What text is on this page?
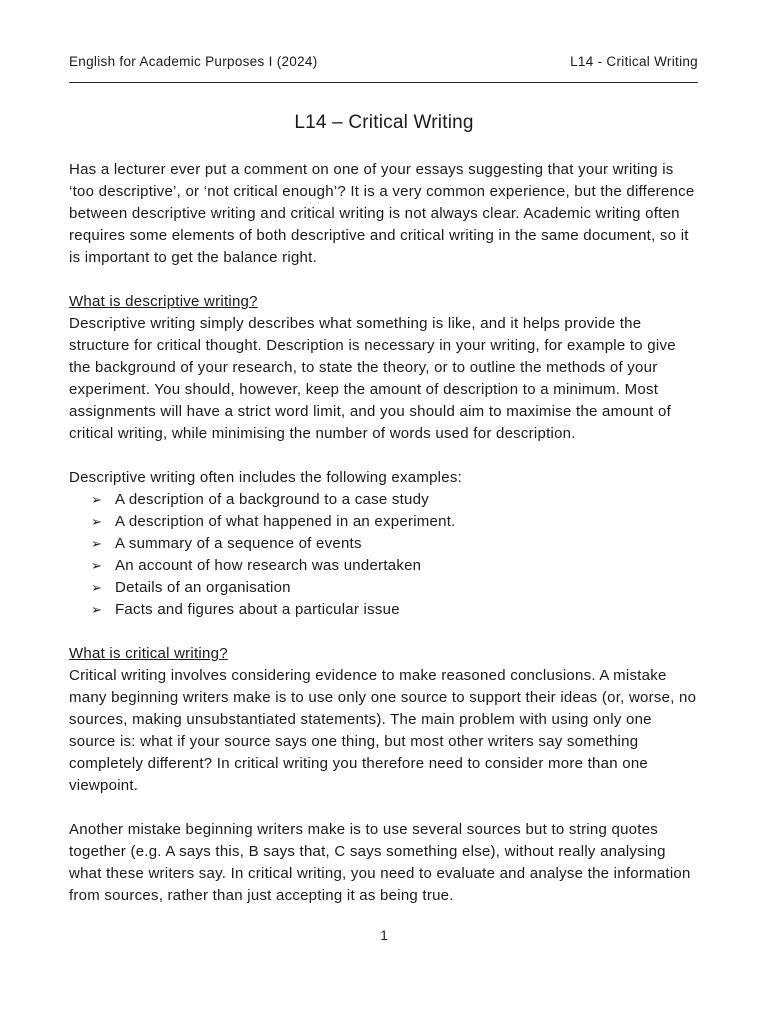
English for Academic Purposes I (2024)	L14 - Critical Writing
L14 – Critical Writing

Has a lecturer ever put a comment on one of your essays suggesting that your writing is ‘too descriptive’, or ‘not critical enough’? It is a very common experience, but the difference between descriptive writing and critical writing is not always clear. Academic writing often requires some elements of both descriptive and critical writing in the same document, so it is important to get the balance right.

What is descriptive writing?

Descriptive writing simply describes what something is like, and it helps provide the structure for critical thought. Description is necessary in your writing, for example to give the background of your research, to state the theory, or to outline the methods of your experiment. You should, however, keep the amount of description to a minimum. Most assignments will have a strict word limit, and you should aim to maximise the amount of critical writing, while minimising the number of words used for description.

Descriptive writing often includes the following examples:

➢ A description of a background to a case study
➢ A description of what happened in an experiment.
➢ A summary of a sequence of events
➢ An account of how research was undertaken
➢ Details of an organisation
➢ Facts and figures about a particular issue

What is critical writing?

Critical writing involves considering evidence to make reasoned conclusions. A mistake many beginning writers make is to use only one source to support their ideas (or, worse, no sources, making unsubstantiated statements). The main problem with using only one source is: what if your source says one thing, but most other writers say something completely different? In critical writing you therefore need to consider more than one viewpoint.

Another mistake beginning writers make is to use several sources but to string quotes together (e.g. A says this, B says that, C says something else), without really analysing what these writers say. In critical writing, you need to evaluate and analyse the information from sources, rather than just accepting it as being true.

1
